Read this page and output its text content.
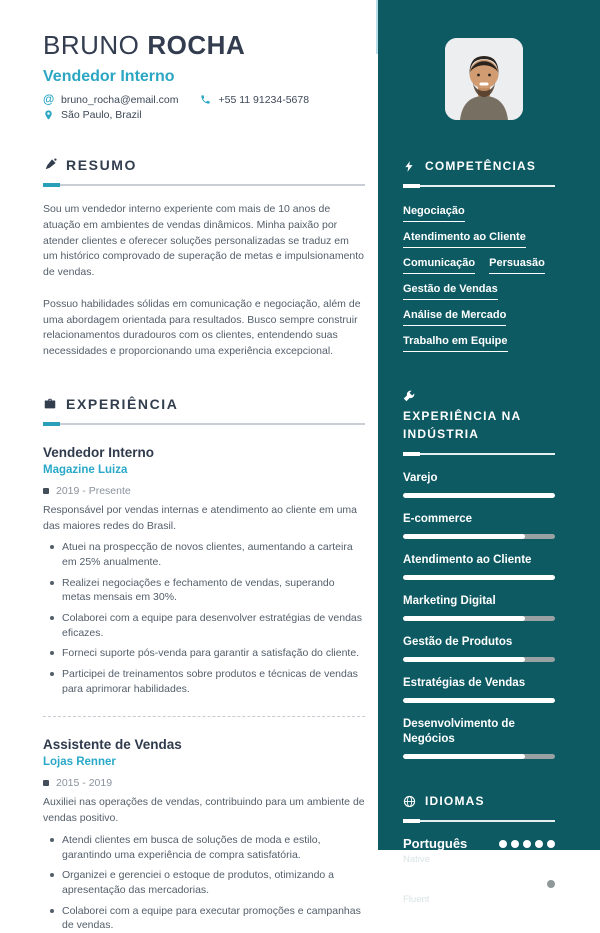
BRUNO ROCHA
Vendedor Interno
@ bruno_rocha@email.com	+55 11 91234-5678
São Paulo, Brazil
RESUMO

Sou um vendedor interno experiente com mais de 10 anos de atuação em ambientes de vendas dinâmicos. Minha paixão por atender clientes e oferecer soluções personalizadas se traduz em um histórico comprovado de superação de metas e impulsionamento de vendas.

Possuo habilidades sólidas em comunicação e negociação, além de uma abordagem orientada para resultados. Busco sempre construir relacionamentos duradouros com os clientes, entendendo suas necessidades e proporcionando uma experiência excepcional.

EXPERIÊNCIA
Vendedor Interno
Magazine Luiza
2019 - Presente
Responsável por vendas internas e atendimento ao cliente em uma das maiores redes do Brasil.
Atuei na prospecção de novos clientes, aumentando a carteira em 25% anualmente.
Realizei negociações e fechamento de vendas, superando metas mensais em 30%.
Colaborei com a equipe para desenvolver estratégias de vendas eficazes.
Forneci suporte pós-venda para garantir a satisfação do cliente.
Participei de treinamentos sobre produtos e técnicas de vendas para aprimorar habilidades.
Assistente de Vendas
Lojas Renner
2015 - 2019
Auxiliei nas operações de vendas, contribuindo para um ambiente de vendas positivo.
Atendi clientes em busca de soluções de moda e estilo, garantindo uma experiência de compra satisfatória.
Organizei e gerenciei o estoque de produtos, otimizando a apresentação das mercadorias.
Colaborei com a equipe para executar promoções e campanhas de vendas.
COMPETÊNCIAS
Negociação
Atendimento ao Cliente
Comunicação Persuasão
Gestão de Vendas
Análise de Mercado
Trabalho em Equipe
EXPERIÊNCIA NA
INDÚSTRIA
Varejo
E-commerce
Atendimento ao Cliente
Marketing Digital
Gestão de Produtos
Estratégias de Vendas
Desenvolvimento de Negócios
IDIOMAS
Português
Native
Inglês
Fluent
